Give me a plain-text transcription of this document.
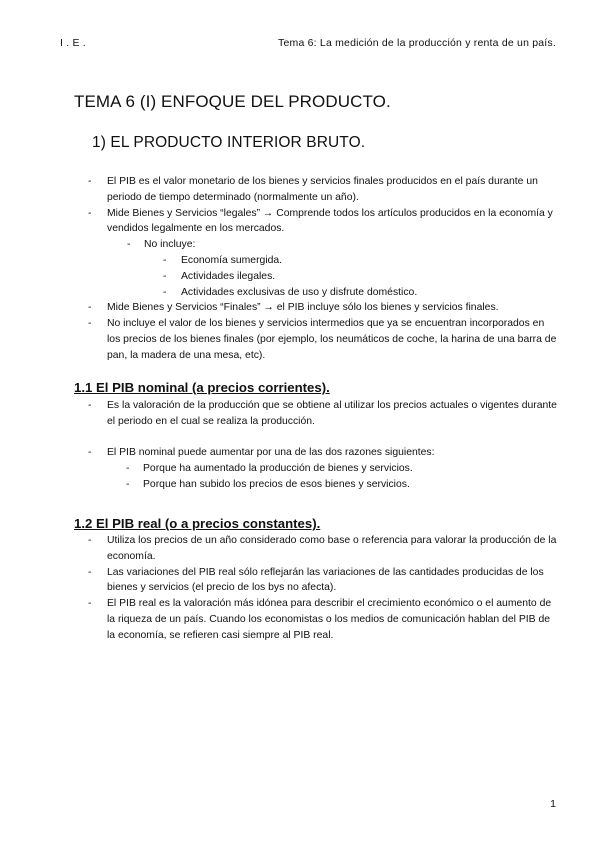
I . E .	Tema 6: La medición de la producción y renta de un país.
TEMA 6 (I) ENFOQUE DEL PRODUCTO.
1) EL PRODUCTO INTERIOR BRUTO.
- El PIB es el valor monetario de los bienes y servicios finales producidos en el país durante un periodo de tiempo determinado (normalmente un año).
- Mide Bienes y Servicios “legales” → Comprende todos los artículos producidos en la economía y vendidos legalmente en los mercados.
- No incluye:
- Economía sumergida.
- Actividades ilegales.
- Actividades exclusivas de uso y disfrute doméstico.
- Mide Bienes y Servicios “Finales” → el PIB incluye sólo los bienes y servicios finales.
- No incluye el valor de los bienes y servicios intermedios que ya se encuentran incorporados en los precios de los bienes finales (por ejemplo, los neumáticos de coche, la harina de una barra de pan, la madera de una mesa, etc).
1.1 El PIB nominal (a precios corrientes).
- Es la valoración de la producción que se obtiene al utilizar los precios actuales o vigentes durante el periodo en el cual se realiza la producción.
- El PIB nominal puede aumentar por una de las dos razones siguientes:
- Porque ha aumentado la producción de bienes y servicios.
- Porque han subido los precios de esos bienes y servicios.
1.2 El PIB real (o a precios constantes).
- Utiliza los precios de un año considerado como base o referencia para valorar la producción de la economía.
- Las variaciones del PIB real sólo reflejarán las variaciones de las cantidades producidas de los bienes y servicios (el precio de los bys no afecta).
- El PIB real es la valoración más idónea para describir el crecimiento económico o el aumento de la riqueza de un país. Cuando los economistas o los medios de comunicación hablan del PIB de la economía, se refieren casi siempre al PIB real.
1
